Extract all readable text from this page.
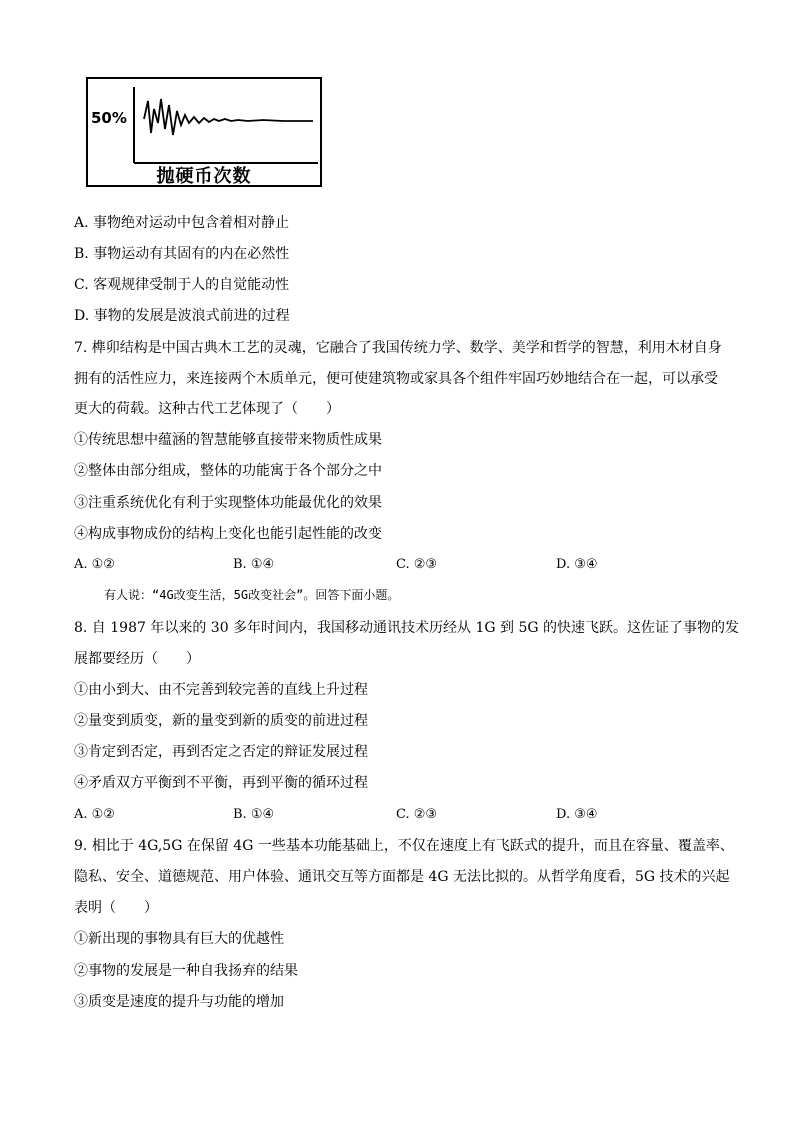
50%
抛硬币次数
A. 事物绝对运动中包含着相对静止
B. 事物运动有其固有的内在必然性
C. 客观规律受制于人的自觉能动性
D. 事物的发展是波浪式前进的过程
7. 榫卯结构是中国古典木工艺的灵魂，它融合了我国传统力学、数学、美学和哲学的智慧，利用木材自身
拥有的活性应力，来连接两个木质单元，便可使建筑物或家具各个组件牢固巧妙地结合在一起，可以承受
更大的荷载。这种古代工艺体现了（　　）
①传统思想中蕴涵的智慧能够直接带来物质性成果
②整体由部分组成，整体的功能寓于各个部分之中
③注重系统优化有利于实现整体功能最优化的效果
④构成事物成份的结构上变化也能引起性能的改变
A. ①②	B. ①④	C. ②③	D. ③④
有人说：“4G改变生活，5G改变社会”。回答下面小题。
8. 自 1987 年以来的 30 多年时间内，我国移动通讯技术历经从 1G 到 5G 的快速飞跃。这佐证了事物的发
展都要经历（　　）
①由小到大、由不完善到较完善的直线上升过程
②量变到质变，新的量变到新的质变的前进过程
③肯定到否定，再到否定之否定的辩证发展过程
④矛盾双方平衡到不平衡，再到平衡的循环过程
A. ①②	B. ①④	C. ②③	D. ③④
9. 相比于 4G,5G 在保留 4G 一些基本功能基础上，不仅在速度上有飞跃式的提升，而且在容量、覆盖率、
隐私、安全、道德规范、用户体验、通讯交互等方面都是 4G 无法比拟的。从哲学角度看，5G 技术的兴起
表明（　　）
①新出现的事物具有巨大的优越性
②事物的发展是一种自我扬弃的结果
③质变是速度的提升与功能的增加
